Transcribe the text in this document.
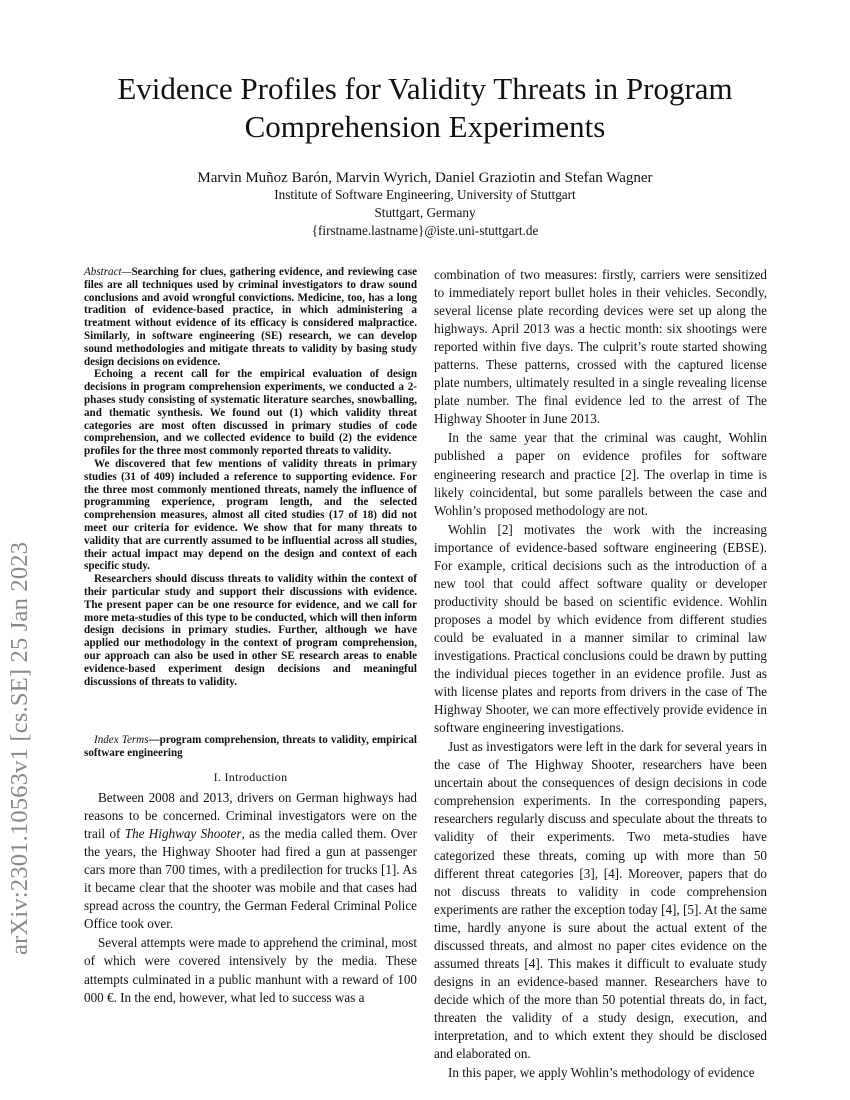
arXiv:2301.10563v1 [cs.SE] 25 Jan 2023
Evidence Profiles for Validity Threats in Program
Comprehension Experiments

Marvin Muñoz Barón, Marvin Wyrich, Daniel Graziotin and Stefan Wagner

Institute of Software Engineering, University of Stuttgart

Stuttgart, Germany

{firstname.lastname}@iste.uni-stuttgart.de

Abstract—Searching for clues, gathering evidence, and reviewing case files are all techniques used by criminal investigators to draw sound conclusions and avoid wrongful convictions. Medicine, too, has a long tradition of evidence-based practice, in which administering a treatment without evidence of its efficacy is considered malpractice. Similarly, in software engineering (SE) research, we can develop sound methodologies and mitigate threats to validity by basing study design decisions on evidence.

Echoing a recent call for the empirical evaluation of design decisions in program comprehension experiments, we conducted a 2-phases study consisting of systematic literature searches, snowballing, and thematic synthesis. We found out (1) which validity threat categories are most often discussed in primary studies of code comprehension, and we collected evidence to build (2) the evidence profiles for the three most commonly reported threats to validity.

We discovered that few mentions of validity threats in primary studies (31 of 409) included a reference to supporting evidence. For the three most commonly mentioned threats, namely the influence of programming experience, program length, and the selected comprehension measures, almost all cited studies (17 of 18) did not meet our criteria for evidence. We show that for many threats to validity that are currently assumed to be influential across all studies, their actual impact may depend on the design and context of each specific study.

Researchers should discuss threats to validity within the context of their particular study and support their discussions with evidence. The present paper can be one resource for evidence, and we call for more meta-studies of this type to be conducted, which will then inform design decisions in primary studies. Further, although we have applied our methodology in the context of program comprehension, our approach can also be used in other SE research areas to enable evidence-based experiment design decisions and meaningful discussions of threats to validity.

Index Terms—program comprehension, threats to validity, empirical software engineering

I. Introduction

Between 2008 and 2013, drivers on German highways had reasons to be concerned. Criminal investigators were on the trail of The Highway Shooter, as the media called them. Over the years, the Highway Shooter had fired a gun at passenger cars more than 700 times, with a predilection for trucks [1]. As it became clear that the shooter was mobile and that cases had spread across the country, the German Federal Criminal Police Office took over.

Several attempts were made to apprehend the criminal, most of which were covered intensively by the media. These attempts culminated in a public manhunt with a reward of 100 000 €. In the end, however, what led to success was a

combination of two measures: firstly, carriers were sensitized to immediately report bullet holes in their vehicles. Secondly, several license plate recording devices were set up along the highways. April 2013 was a hectic month: six shootings were reported within five days. The culprit’s route started showing patterns. These patterns, crossed with the captured license plate numbers, ultimately resulted in a single revealing license plate number. The final evidence led to the arrest of The Highway Shooter in June 2013.

In the same year that the criminal was caught, Wohlin published a paper on evidence profiles for software engineering research and practice [2]. The overlap in time is likely coincidental, but some parallels between the case and Wohlin’s proposed methodology are not.

Wohlin [2] motivates the work with the increasing importance of evidence-based software engineering (EBSE). For example, critical decisions such as the introduction of a new tool that could affect software quality or developer productivity should be based on scientific evidence. Wohlin proposes a model by which evidence from different studies could be evaluated in a manner similar to criminal law investigations. Practical conclusions could be drawn by putting the individual pieces together in an evidence profile. Just as with license plates and reports from drivers in the case of The Highway Shooter, we can more effectively provide evidence in software engineering investigations.

Just as investigators were left in the dark for several years in the case of The Highway Shooter, researchers have been uncertain about the consequences of design decisions in code comprehension experiments. In the corresponding papers, researchers regularly discuss and speculate about the threats to validity of their experiments. Two meta-studies have categorized these threats, coming up with more than 50 different threat categories [3], [4]. Moreover, papers that do not discuss threats to validity in code comprehension experiments are rather the exception today [4], [5]. At the same time, hardly anyone is sure about the actual extent of the discussed threats, and almost no paper cites evidence on the assumed threats [4]. This makes it difficult to evaluate study designs in an evidence-based manner. Researchers have to decide which of the more than 50 potential threats do, in fact, threaten the validity of a study design, execution, and interpretation, and to which extent they should be disclosed and elaborated on.

In this paper, we apply Wohlin’s methodology of evidence
